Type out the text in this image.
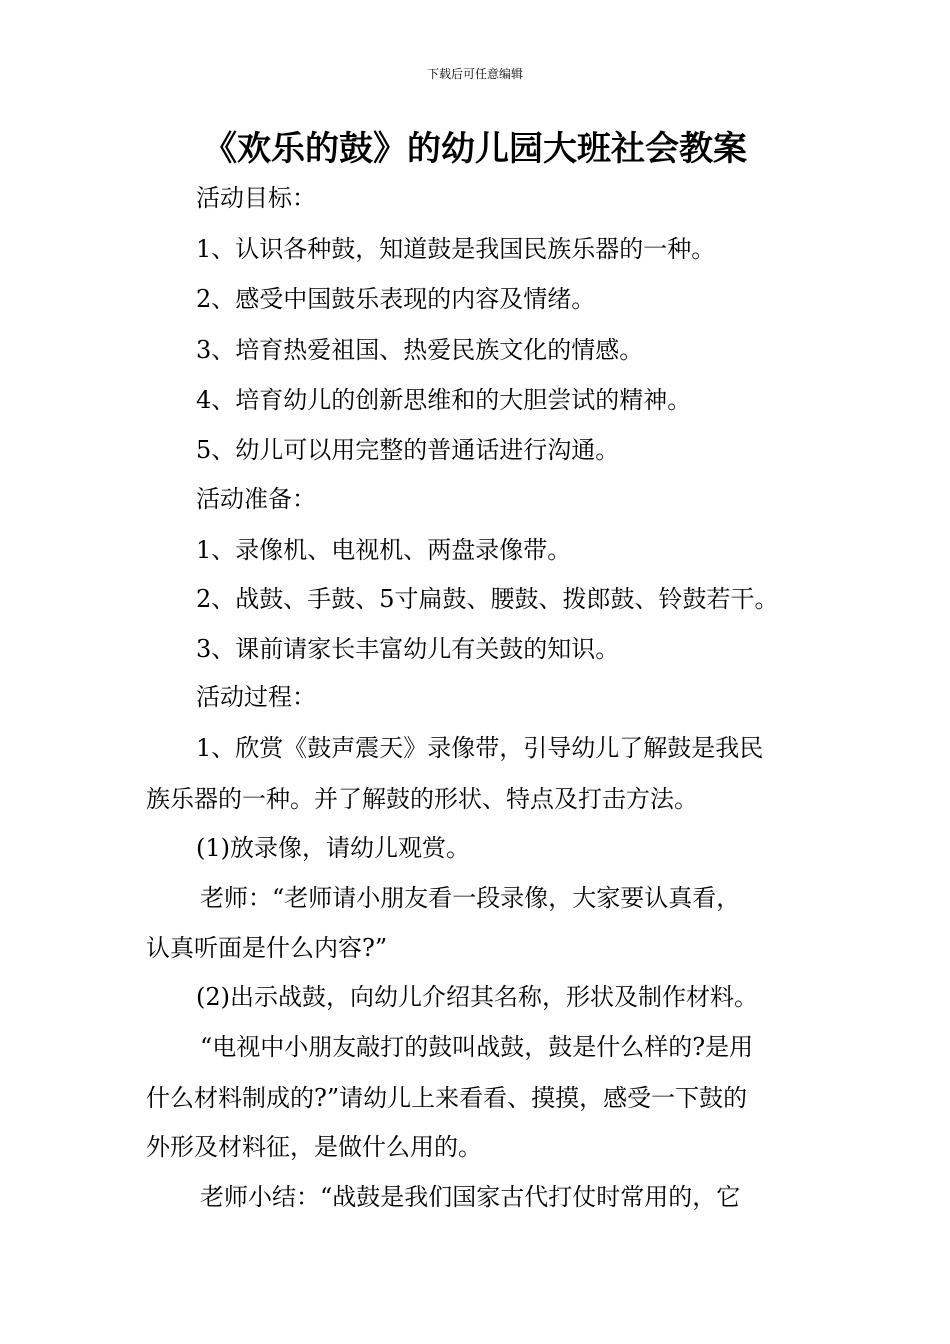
下载后可任意编辑
《欢乐的鼓》的幼儿园大班社会教案
活动目标：
1、认识各种鼓，知道鼓是我国民族乐器的一种。
2、感受中国鼓乐表现的内容及情绪。
3、培育热爱祖国、热爱民族文化的情感。
4、培育幼儿的创新思维和的大胆尝试的精神。
5、幼儿可以用完整的普通话进行沟通。
活动准备：
1、录像机、电视机、两盘录像带。
2、战鼓、手鼓、5寸扁鼓、腰鼓、拨郎鼓、铃鼓若干。
3、课前请家长丰富幼儿有关鼓的知识。
活动过程：
1、欣赏《鼓声震天》录像带，引导幼儿了解鼓是我民
族乐器的一种。并了解鼓的形状、特点及打击方法。
(1)放录像，请幼儿观赏。
老师：“老师请小朋友看一段录像，大家要认真看，
认真听面是什么内容?”
(2)出示战鼓，向幼儿介绍其名称，形状及制作材料。
“电视中小朋友敲打的鼓叫战鼓，鼓是什么样的?是用
什么材料制成的?”请幼儿上来看看、摸摸，感受一下鼓的
外形及材料征，是做什么用的。
老师小结：“战鼓是我们国家古代打仗时常用的，它
